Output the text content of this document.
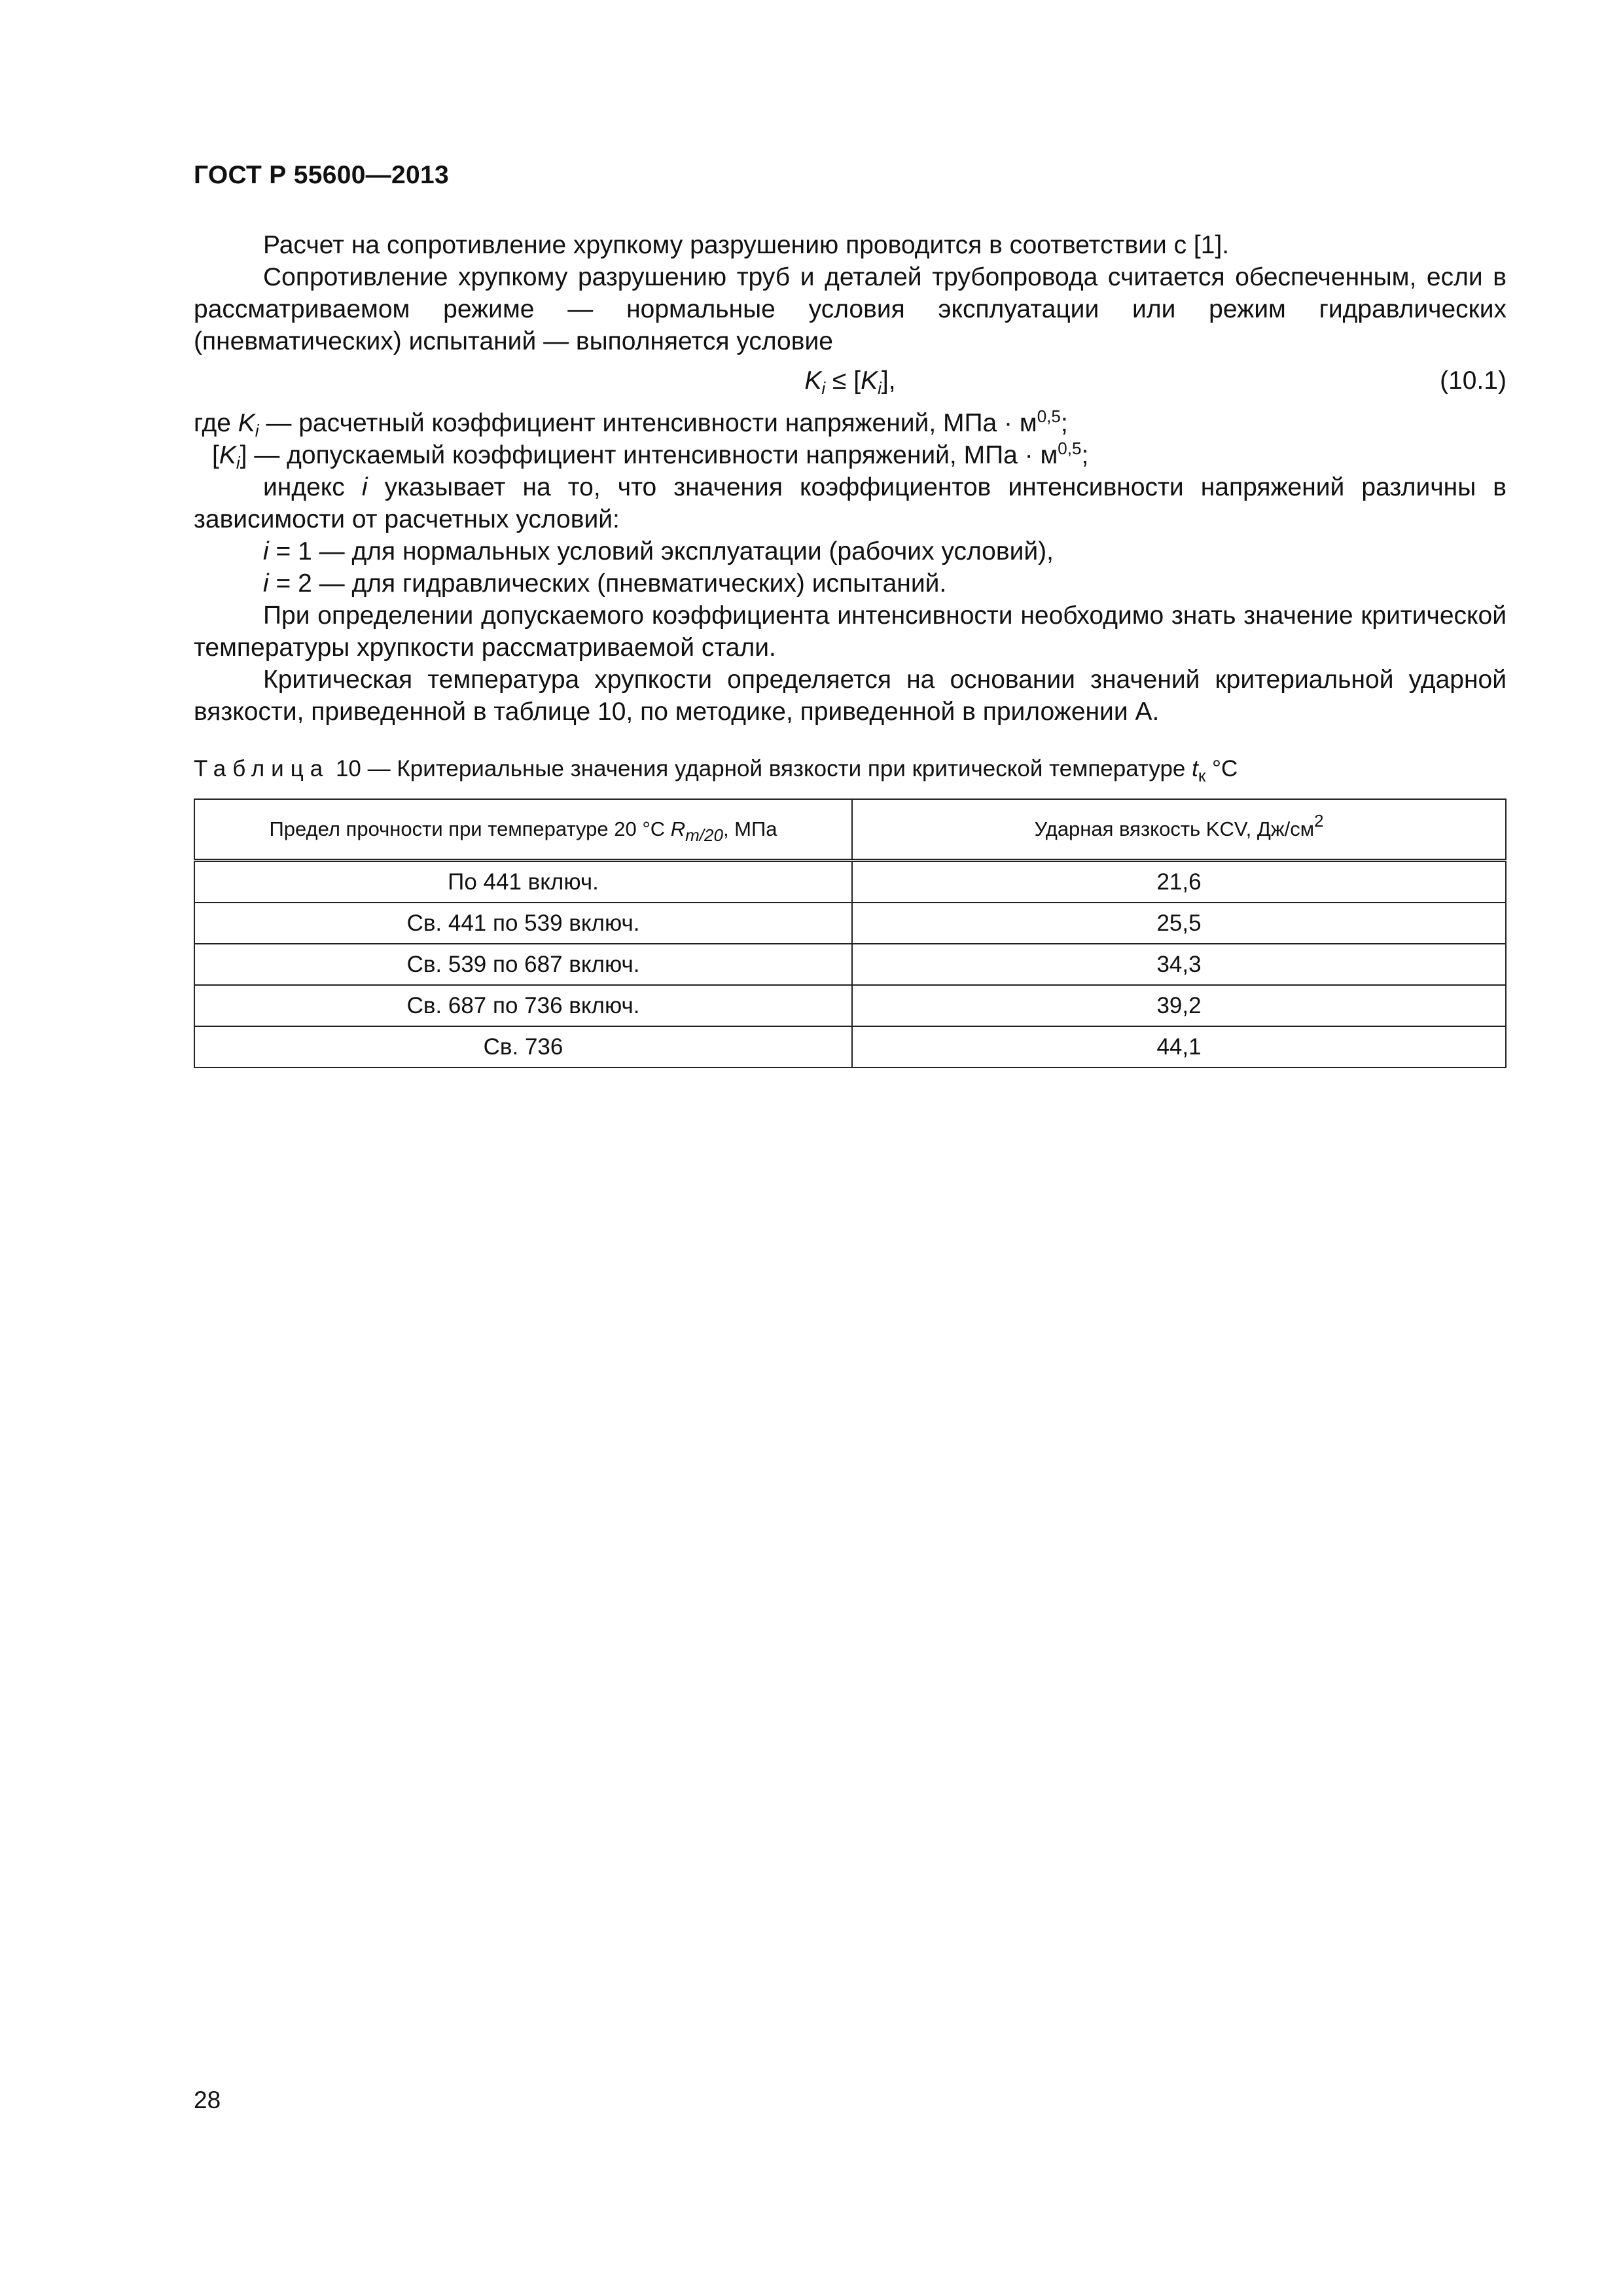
ГОСТ Р 55600—2013

Расчет на сопротивление хрупкому разрушению проводится в соответствии с [1].

Сопротивление хрупкому разрушению труб и деталей трубопровода считается обеспеченным, если в рассматриваемом режиме — нормальные условия эксплуатации или режим гидравлических (пневматических) испытаний — выполняется условие

$K_i \le [K_i]$,	(10.1)
где $K_i$ — расчетный коэффициент интенсивности напряжений, МПа · $м^{0,5}$;
$[K_i]$ — допускаемый коэффициент интенсивности напряжений, МПа · $м^{0,5}$;

индекс i указывает на то, что значения коэффициентов интенсивности напряжений различны в зависимости от расчетных условий:

i = 1 — для нормальных условий эксплуатации (рабочих условий),

i = 2 — для гидравлических (пневматических) испытаний.

При определении допускаемого коэффициента интенсивности необходимо знать значение критической температуры хрупкости рассматриваемой стали.

Критическая температура хрупкости определяется на основании значений критериальной ударной вязкости, приведенной в таблице 10, по методике, приведенной в приложении А.

Таблица 10 — Критериальные значения ударной вязкости при критической температуре $t_к$ °C
Предел прочности при температуре 20 °С $R_{m/20}$, МПа	Ударная вязкость KCV, $Дж/см^2$
По 441 включ.	21,6
Св. 441 по 539 включ.	25,5
Св. 539 по 687 включ.	34,3
Св. 687 по 736 включ.	39,2
Св. 736	44,1
28
